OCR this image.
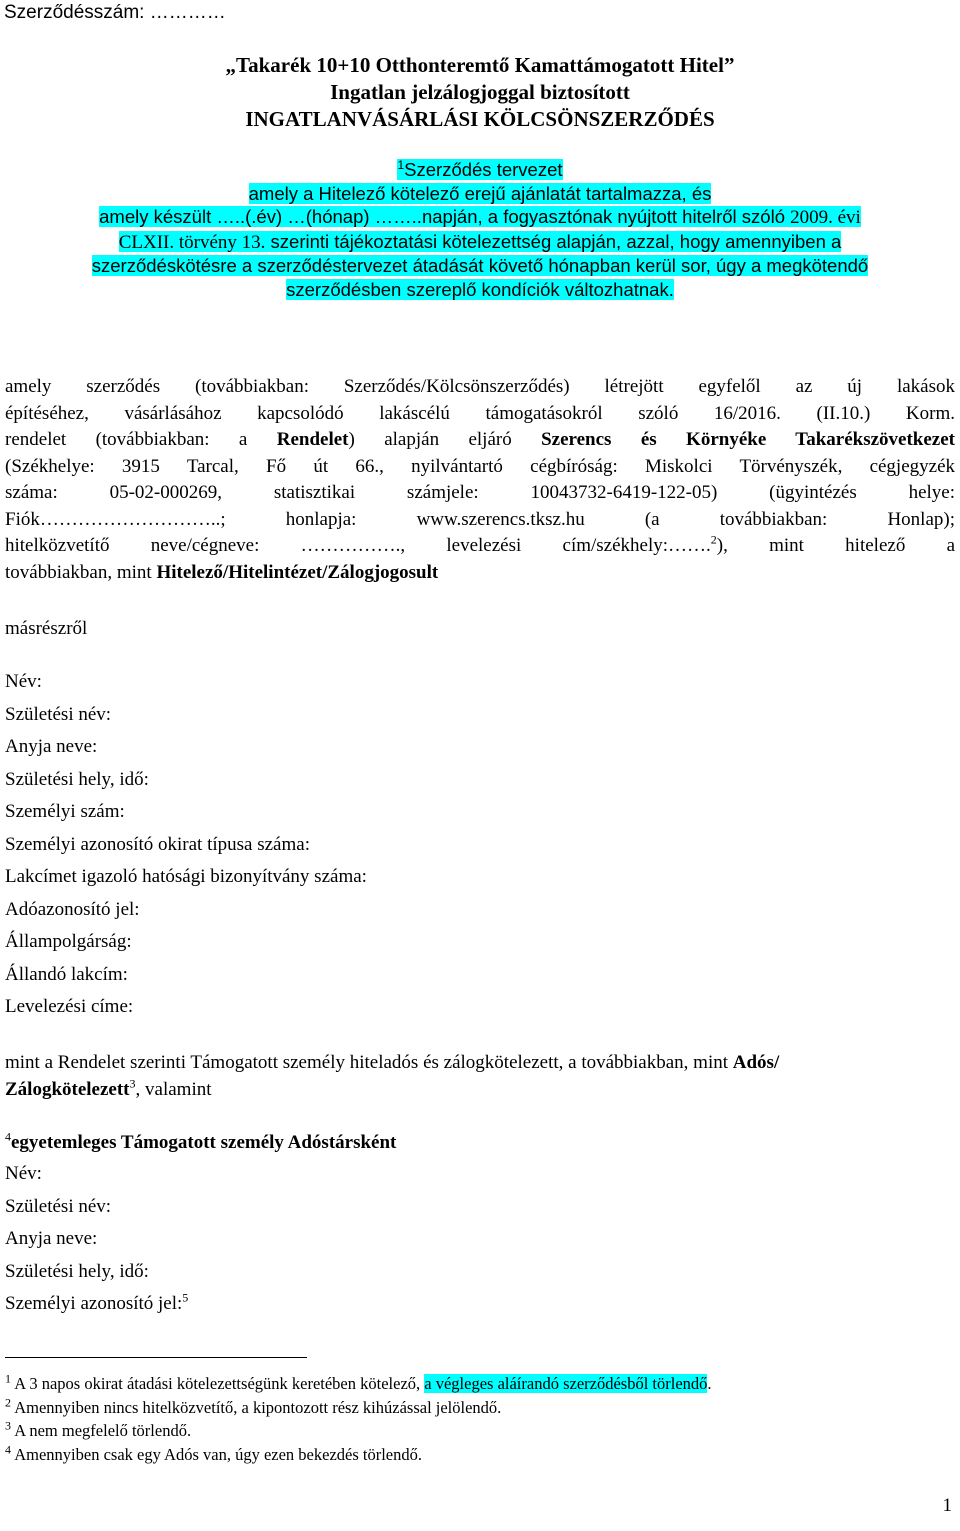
Szerződésszám: …………
„Takarék 10+10 Otthonteremtő Kamattámogatott Hitel”
Ingatlan jelzálogjoggal biztosított
INGATLANVÁSÁRLÁSI KÖLCSÖNSZERZŐDÉS
$^1$Szerződés tervezet
amely a Hitelező kötelező erejű ajánlatát tartalmazza, és
amely készült …..(.év) …(hónap) ……..napján, a fogyasztónak nyújtott hitelről szóló 2009. évi
CLXII. törvény 13. szerinti tájékoztatási kötelezettség alapján, azzal, hogy amennyiben a
szerződéskötésre a szerződéstervezet átadását követő hónapban kerül sor, úgy a megkötendő
szerződésben szereplő kondíciók változhatnak.
amely szerződés (továbbiakban: Szerződés/Kölcsönszerződés) létrejött egyfelől az új lakások
építéséhez, vásárlásához kapcsolódó lakáscélú támogatásokról szóló 16/2016. (II.10.) Korm.
rendelet (továbbiakban: a Rendelet) alapján eljáró Szerencs és Környéke Takarékszövetkezet
(Székhelye: 3915 Tarcal, Fő út 66., nyilvántartó cégbíróság: Miskolci Törvényszék, cégjegyzék
száma: 05-02-000269, statisztikai számjele: 10043732-6419-122-05) (ügyintézés helye:
Fiók………………………..; honlapja: www.szerencs.tksz.hu (a továbbiakban: Honlap);
hitelközvetítő neve/cégneve: ……………., levelezési cím/székhely:…….$^2$), mint hitelező a
továbbiakban, mint Hitelező/Hitelintézet/Zálogjogosult
másrészről
Név:
Születési név:
Anyja neve:
Születési hely, idő:
Személyi szám:
Személyi azonosító okirat típusa száma:
Lakcímet igazoló hatósági bizonyítvány száma:
Adóazonosító jel:
Állampolgárság:
Állandó lakcím:
Levelezési címe:
mint a Rendelet szerinti Támogatott személy hiteladós és zálogkötelezett, a továbbiakban, mint Adós/
Zálogkötelezett$^3$, valamint
$^4$egyetemleges Támogatott személy Adóstársként
Név:
Születési név:
Anyja neve:
Születési hely, idő:
Személyi azonosító jel:$^5$
$^1$ A 3 napos okirat átadási kötelezettségünk keretében kötelező, a végleges aláírandó szerződésből törlendő.
$^2$ Amennyiben nincs hitelközvetítő, a kipontozott rész kihúzással jelölendő.
$^3$ A nem megfelelő törlendő.
$^4$ Amennyiben csak egy Adós van, úgy ezen bekezdés törlendő.
1
